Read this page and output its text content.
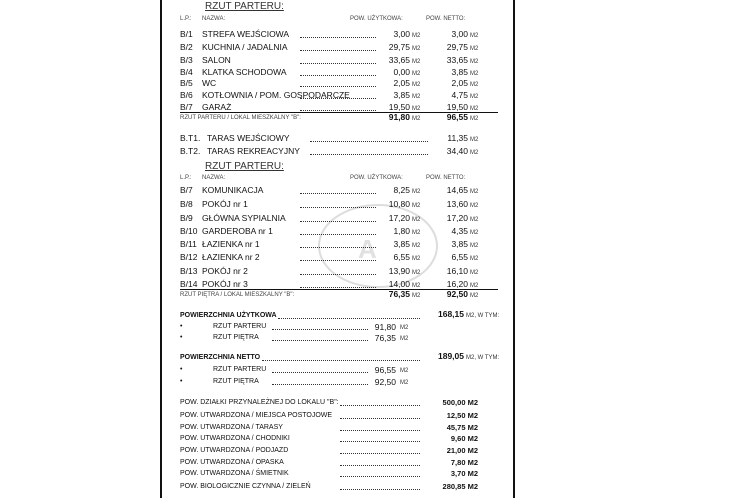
A
RZUT PARTERU:
L.P.: NAZWA:	POW. UŻYTKOWA:	POW. NETTO:
B/1 STREFA WEJŚCIOWA	3,00 M2	3,00 M2
B/2 KUCHNIA / JADALNIA	29,75 M2	29,75 M2
B/3 SALON	33,65 M2	33,65 M2
B/4 KLATKA SCHODOWA	0,00 M2	3,85 M2
B/5 WC	2,05 M2	2,05 M2
B/6 KOTŁOWNIA / POM. GOSPODARCZE	3,85 M2	4,75 M2
B/7 GARAŻ	19,50 M2	19,50 M2
RZUT PARTERU / LOKAL MIESZKALNY "B":	91,80 M2	96,55 M2
B.T1. TARAS WEJŚCIOWY	11,35 M2
B.T2. TARAS REKREACYJNY	34,40 M2
RZUT PARTERU:
L.P.: NAZWA:	POW. UŻYTKOWA:	POW. NETTO:
B/7 KOMUNIKACJA	8,25 M2	14,65 M2
B/8 POKÓJ nr 1	10,80 M2	13,60 M2
B/9 GŁÓWNA SYPIALNIA	17,20 M2	17,20 M2
B/10 GARDEROBA nr 1	1,80 M2	4,35 M2
B/11 ŁAZIENKA nr 1	3,85 M2	3,85 M2
B/12 ŁAZIENKA nr 2	6,55 M2	6,55 M2
B/13 POKÓJ nr 2	13,90 M2	16,10 M2
B/14 POKÓJ nr 3	14,00 M2	16,20 M2
RZUT PIĘTRA / LOKAL MIESZKALNY "B":	76,35 M2	92,50 M2
POWIERZCHNIA UŻYTKOWA	168,15 M2, W TYM:
•	RZUT PARTERU	91,80 M2
•	RZUT PIĘTRA	76,35 M2
POWIERZCHNIA NETTO	189,05 M2, W TYM:
•	RZUT PARTERU	96,55 M2
•	RZUT PIĘTRA	92,50 M2
POW. DZIAŁKI PRZYNALEŻNEJ DO LOKALU "B":	500,00 M2
POW. UTWARDZONA / MIEJSCA POSTOJOWE	12,50 M2
POW. UTWARDZONA / TARASY	45,75 M2
POW. UTWARDZONA / CHODNIKI	9,60 M2
POW. UTWARDZONA / PODJAZD	21,00 M2
POW. UTWARDZONA / OPASKA	7,80 M2
POW. UTWARDZONA / ŚMIETNIK	3,70 M2
POW. BIOLOGICZNIE CZYNNA / ZIELEŃ	280,85 M2
